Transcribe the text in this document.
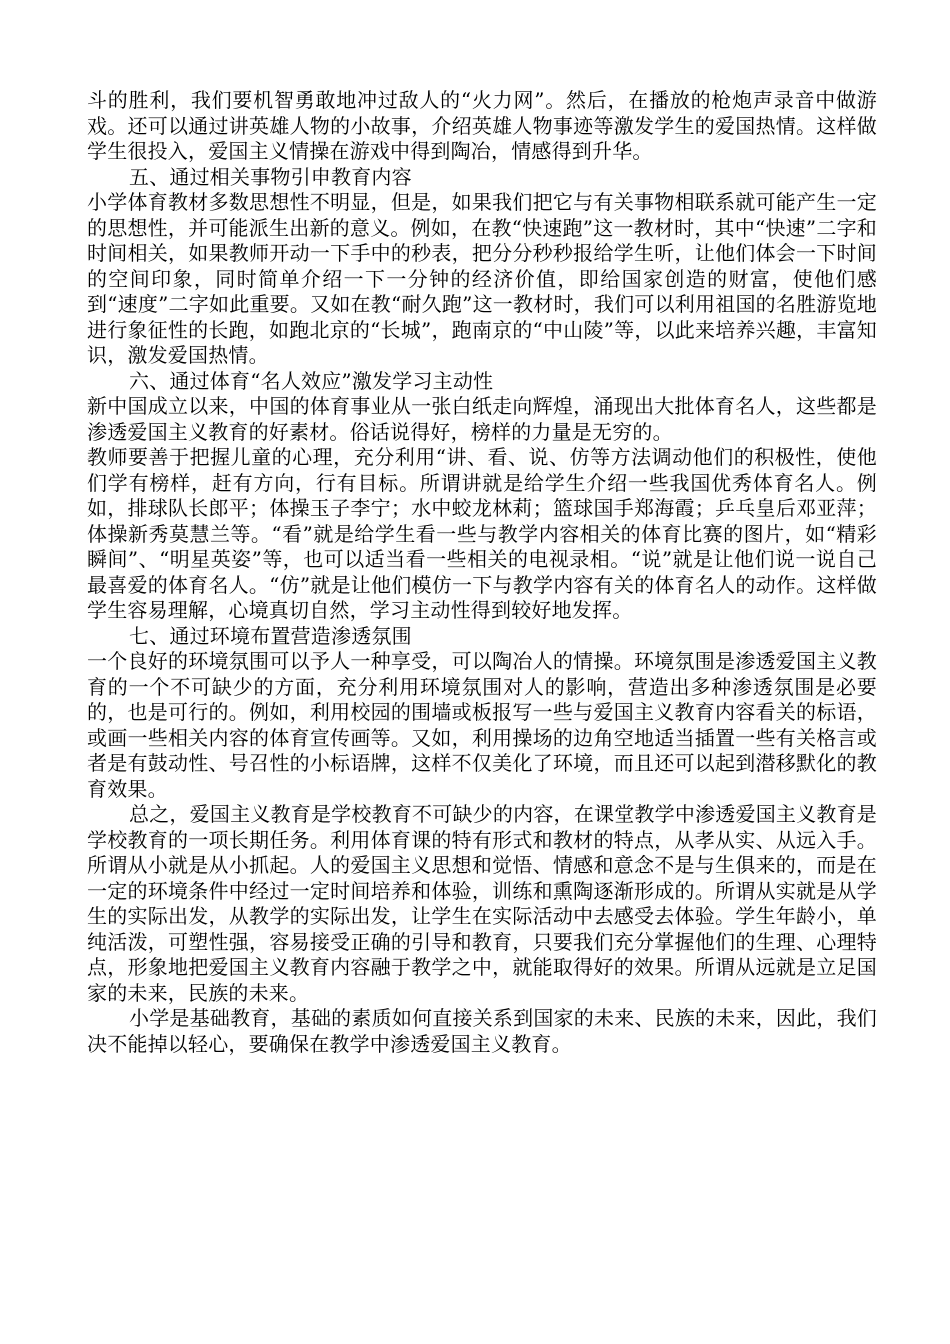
斗的胜利，我们要机智勇敢地冲过敌人的“火力网”。然后，在播放的枪炮声录音中做游戏。还可以通过讲英雄人物的小故事，介绍英雄人物事迹等激发学生的爱国热情。这样做学生很投入，爱国主义情操在游戏中得到陶冶，情感得到升华。

五、通过相关事物引申教育内容

小学体育教材多数思想性不明显，但是，如果我们把它与有关事物相联系就可能产生一定的思想性，并可能派生出新的意义。例如，在教“快速跑”这一教材时，其中“快速”二字和时间相关，如果教师开动一下手中的秒表，把分分秒秒报给学生听，让他们体会一下时间的空间印象，同时简单介绍一下一分钟的经济价值，即给国家创造的财富，使他们感到“速度”二字如此重要。又如在教“耐久跑”这一教材时，我们可以利用祖国的名胜游览地进行象征性的长跑，如跑北京的“长城”，跑南京的“中山陵”等，以此来培养兴趣，丰富知识，激发爱国热情。

六、通过体育“名人效应”激发学习主动性

新中国成立以来，中国的体育事业从一张白纸走向辉煌，涌现出大批体育名人，这些都是渗透爱国主义教育的好素材。俗话说得好，榜样的力量是无穷的。

教师要善于把握儿童的心理，充分利用“讲、看、说、仿等方法调动他们的积极性，使他们学有榜样，赶有方向，行有目标。所谓讲就是给学生介绍一些我国优秀体育名人。例如，排球队长郎平；体操玉子李宁；水中蛟龙林莉；篮球国手郑海霞；乒乓皇后邓亚萍；体操新秀莫慧兰等。“看”就是给学生看一些与教学内容相关的体育比赛的图片，如“精彩瞬间”、“明星英姿”等，也可以适当看一些相关的电视录相。“说”就是让他们说一说自己最喜爱的体育名人。“仿”就是让他们模仿一下与教学内容有关的体育名人的动作。这样做学生容易理解，心境真切自然，学习主动性得到较好地发挥。

七、通过环境布置营造渗透氛围

一个良好的环境氛围可以予人一种享受，可以陶冶人的情操。环境氛围是渗透爱国主义教育的一个不可缺少的方面，充分利用环境氛围对人的影响，营造出多种渗透氛围是必要的，也是可行的。例如，利用校园的围墙或板报写一些与爱国主义教育内容看关的标语，或画一些相关内容的体育宣传画等。又如，利用操场的边角空地适当插置一些有关格言或者是有鼓动性、号召性的小标语牌，这样不仅美化了环境，而且还可以起到潜移默化的教育效果。

总之，爱国主义教育是学校教育不可缺少的内容，在课堂教学中渗透爱国主义教育是学校教育的一项长期任务。利用体育课的特有形式和教材的特点，从孝从实、从远入手。所谓从小就是从小抓起。人的爱国主义思想和觉悟、情感和意念不是与生俱来的，而是在一定的环境条件中经过一定时间培养和体验，训练和熏陶逐渐形成的。所谓从实就是从学生的实际出发，从教学的实际出发，让学生在实际活动中去感受去体验。学生年龄小，单纯活泼，可塑性强，容易接受正确的引导和教育，只要我们充分掌握他们的生理、心理特点，形象地把爱国主义教育内容融于教学之中，就能取得好的效果。所谓从远就是立足国家的未来，民族的未来。

小学是基础教育，基础的素质如何直接关系到国家的未来、民族的未来，因此，我们决不能掉以轻心，要确保在教学中渗透爱国主义教育。
